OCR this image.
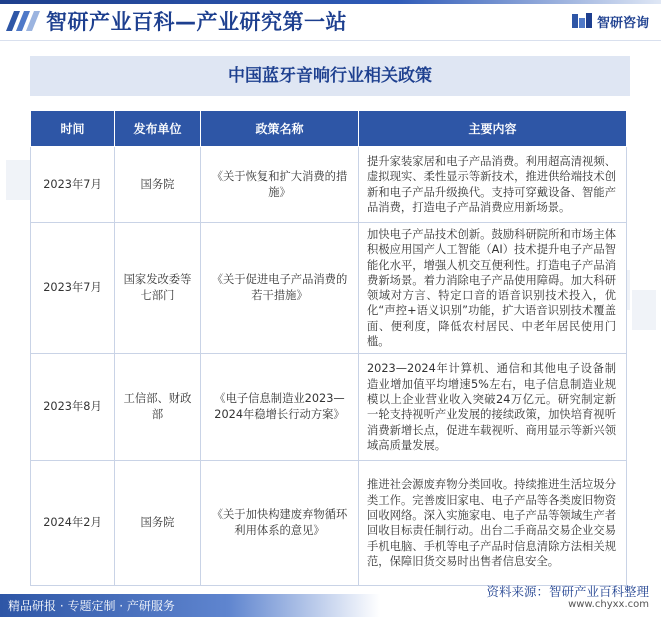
智研产业百科—产业研究第一站	智研咨询
中国蓝牙音响行业相关政策
时间	发布单位	政策名称	主要内容
2023年7月	国务院	《关于恢复和扩大消费的措施》	提升家装家居和电子产品消费。利用超高清视频、虚拟现实、柔性显示等新技术，推进供给端技术创新和电子产品升级换代。支持可穿戴设备、智能产品消费，打造电子产品消费应用新场景。
2023年7月	国家发改委等七部门	《关于促进电子产品消费的若干措施》	加快电子产品技术创新。鼓励科研院所和市场主体积极应用国产人工智能（AI）技术提升电子产品智能化水平，增强人机交互便利性。打造电子产品消费新场景。着力消除电子产品使用障碍。加大科研领域对方言、特定口音的语音识别技术投入，优化“声控+语义识别”功能，扩大语音识别技术覆盖面、便利度，降低农村居民、中老年居民使用门槛。
2023年8月	工信部、财政部	《电子信息制造业2023—2024年稳增长行动方案》	2023—2024年计算机、通信和其他电子设备制造业增加值平均增速5%左右，电子信息制造业规模以上企业营业收入突破24万亿元。研究制定新一轮支持视听产业发展的接续政策，加快培育视听消费新增长点，促进车载视听、商用显示等新兴领域高质量发展。
2024年2月	国务院	《关于加快构建废弃物循环利用体系的意见》	推进社会源废弃物分类回收。持续推进生活垃圾分类工作。完善废旧家电、电子产品等各类废旧物资回收网络。深入实施家电、电子产品等领域生产者回收目标责任制行动。出台二手商品交易企业交易手机电脑、手机等电子产品时信息清除方法相关规范，保障旧货交易时出售者信息安全。
资料来源：智研产业百科整理
www.chyxx.com
精品研报 · 专题定制 · 产研服务
